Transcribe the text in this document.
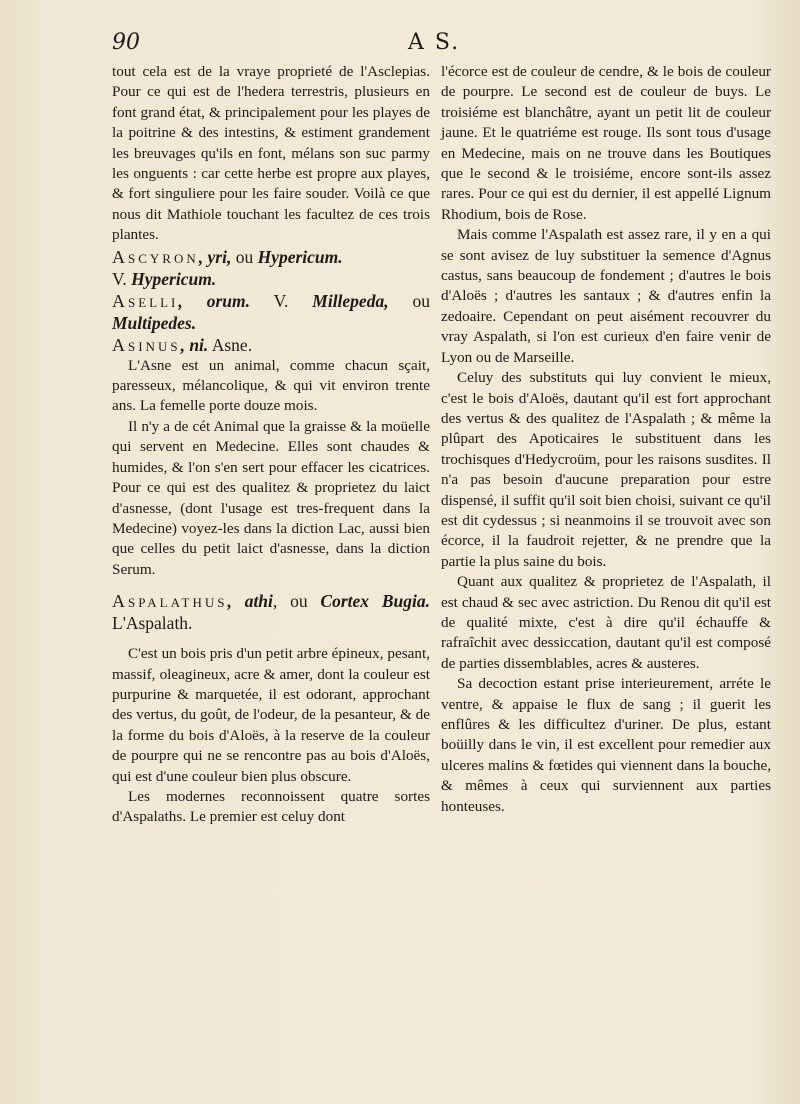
90	A S.

tout cela est de la vraye proprieté de l'Asclepias. Pour ce qui est de l'hedera terrestris, plusieurs en font grand état, & principalement pour les playes de la poitrine & des intestins, & estiment grandement les breuvages qu'ils en font, mélans son suc parmy les onguents : car cette herbe est propre aux playes, & fort singuliere pour les faire souder. Voilà ce que nous dit Mathiole touchant les facultez de ces trois plantes.

Ascyron, yri, ou Hypericum.
V. Hypericum.

Aselli, orum. V. Millepeda, ou Multipedes.

Asinus, ni. Asne.

L'Asne est un animal, comme chacun sçait, paresseux, mélancolique, & qui vit environ trente ans. La femelle porte douze mois.

Il n'y a de cét Animal que la graisse & la moüelle qui servent en Medecine. Elles sont chaudes & humides, & l'on s'en sert pour effacer les cicatrices. Pour ce qui est des qualitez & proprietez du laict d'asnesse, (dont l'usage est tres-frequent dans la Medecine) voyez-les dans la diction Lac, aussi bien que celles du petit laict d'asnesse, dans la diction Serum.

Aspalathus, athi, ou Cortex Bugia. L'Aspalath.

C'est un bois pris d'un petit arbre épineux, pesant, massif, oleagineux, acre & amer, dont la couleur est purpurine & marquetée, il est odorant, approchant des vertus, du goût, de l'odeur, de la pesanteur, & de la forme du bois d'Aloës, à la reserve de la couleur de pourpre qui ne se rencontre pas au bois d'Aloës, qui est d'une couleur bien plus obscure.

Les modernes reconnoissent quatre sortes d'Aspalaths. Le premier est celuy dont

l'écorce est de couleur de cendre, & le bois de couleur de pourpre. Le second est de couleur de buys. Le troisiéme est blanchâtre, ayant un petit lit de couleur jaune. Et le quatriéme est rouge. Ils sont tous d'usage en Medecine, mais on ne trouve dans les Boutiques que le second & le troisiéme, encore sont-ils assez rares. Pour ce qui est du dernier, il est appellé Lignum Rhodium, bois de Rose.

Mais comme l'Aspalath est assez rare, il y en a qui se sont avisez de luy substituer la semence d'Agnus castus, sans beaucoup de fondement ; d'autres le bois d'Aloës ; d'autres les santaux ; & d'autres enfin la zedoaire. Cependant on peut aisément recouvrer du vray Aspalath, si l'on est curieux d'en faire venir de Lyon ou de Marseille.

Celuy des substituts qui luy convient le mieux, c'est le bois d'Aloës, dautant qu'il est fort approchant des vertus & des qualitez de l'Aspalath ; & même la plûpart des Apoticaires le substituent dans les trochisques d'Hedycroüm, pour les raisons susdites. Il n'a pas besoin d'aucune preparation pour estre dispensé, il suffit qu'il soit bien choisi, suivant ce qu'il est dit cydessus ; si neanmoins il se trouvoit avec son écorce, il la faudroit rejetter, & ne prendre que la partie la plus saine du bois.

Quant aux qualitez & proprietez de l'Aspalath, il est chaud & sec avec astriction. Du Renou dit qu'il est de qualité mixte, c'est à dire qu'il échauffe & rafraîchit avec dessiccation, dautant qu'il est composé de parties dissemblables, acres & austeres.

Sa decoction estant prise interieurement, arréte le ventre, & appaise le flux de sang ; il guerit les enflûres & les difficultez d'uriner. De plus, estant boüilly dans le vin, il est excellent pour remedier aux ulceres malins & fœtides qui viennent dans la bouche, & mêmes à ceux qui surviennent aux parties honteuses.
